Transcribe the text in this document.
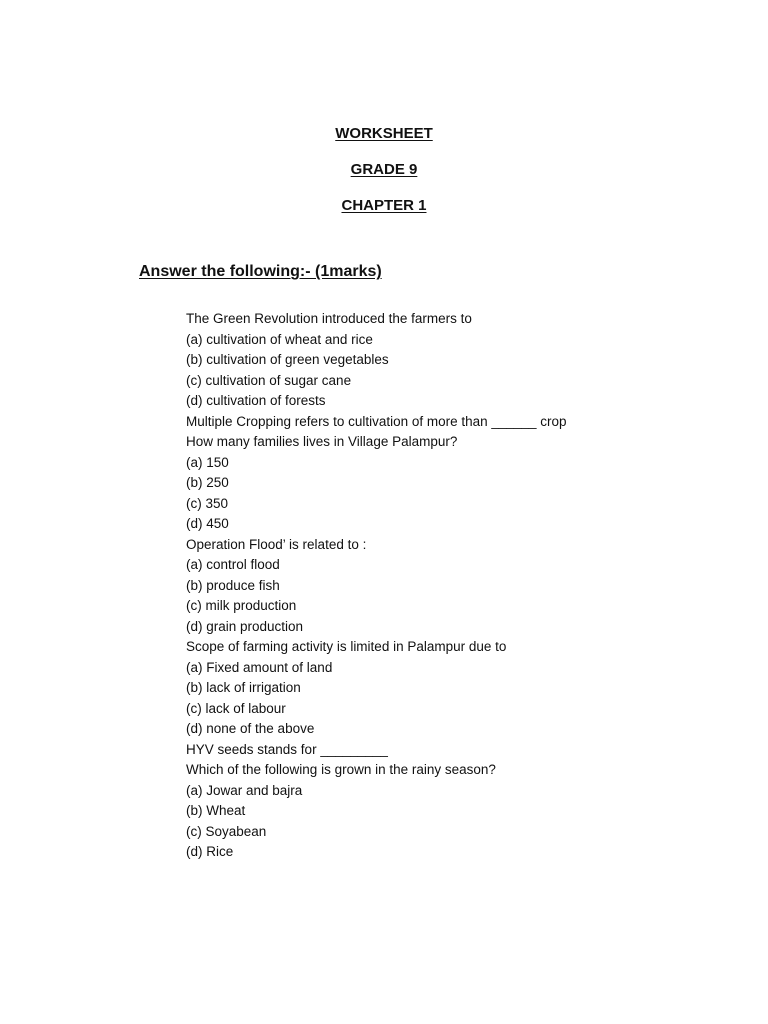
WORKSHEET
GRADE 9
CHAPTER 1
Answer the following:- (1marks)
The Green Revolution introduced the farmers to
(a) cultivation of wheat and rice
(b) cultivation of green vegetables
(c) cultivation of sugar cane
(d) cultivation of forests
Multiple Cropping refers to cultivation of more than ______ crop
How many families lives in Village Palampur?
(a) 150
(b) 250
(c) 350
(d) 450
Operation Flood’ is related to :
(a) control flood
(b) produce fish
(c) milk production
(d) grain production
Scope of farming activity is limited in Palampur due to
(a) Fixed amount of land
(b) lack of irrigation
(c) lack of labour
(d) none of the above
HYV seeds stands for _________
Which of the following is grown in the rainy season?
(a) Jowar and bajra
(b) Wheat
(c) Soyabean
(d) Rice
